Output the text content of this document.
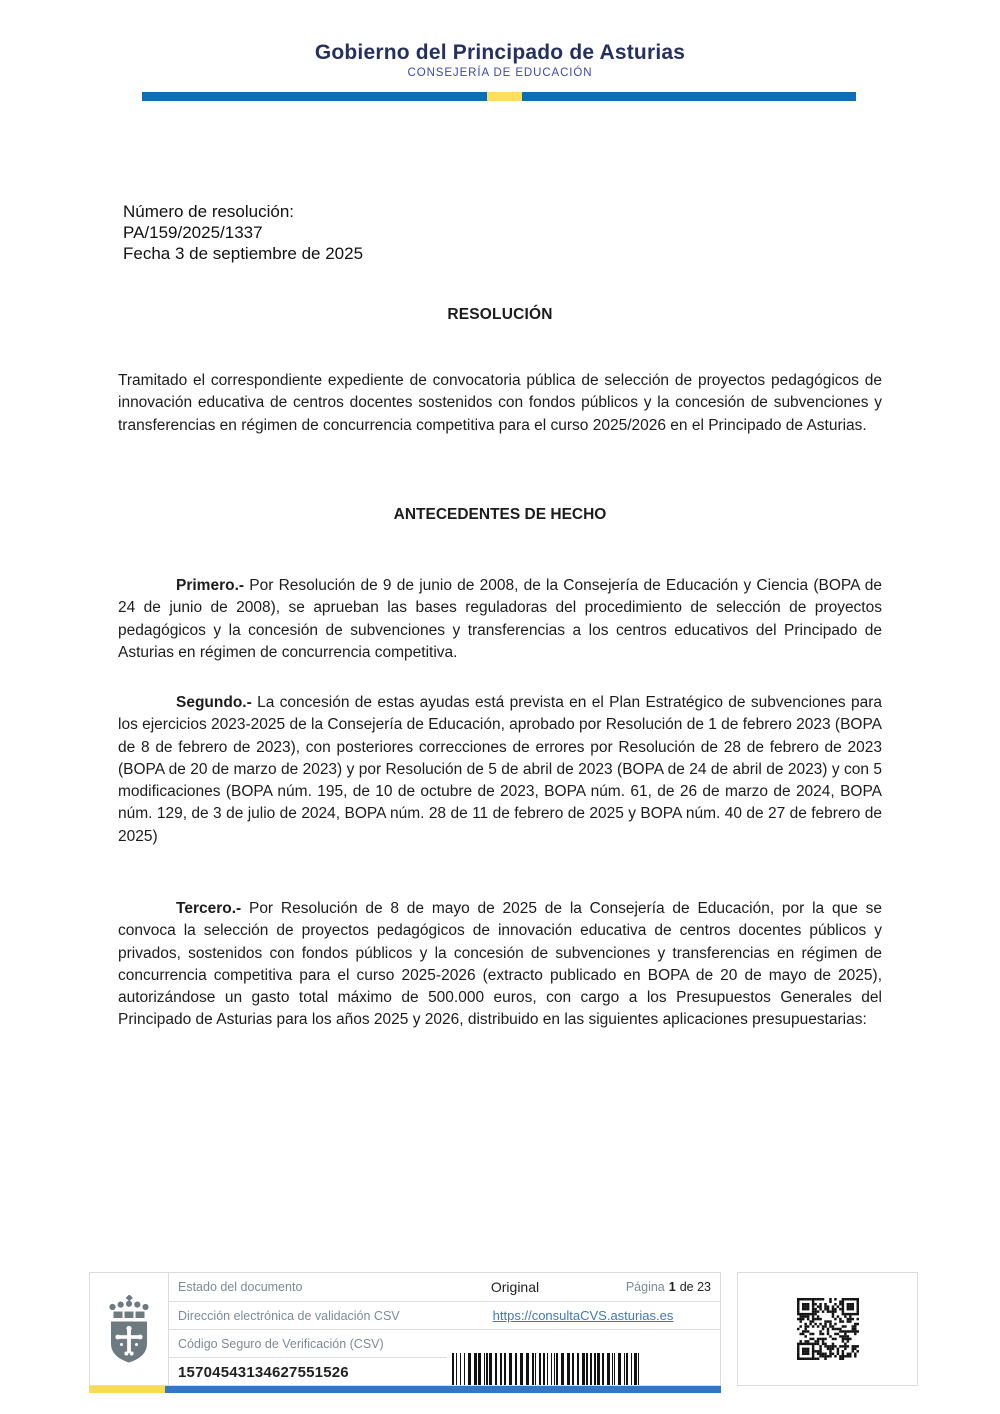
Gobierno del Principado de Asturias
CONSEJERÍA DE EDUCACIÓN
Número de resolución:
PA/159/2025/1337
Fecha 3 de septiembre de 2025
RESOLUCIÓN

Tramitado el correspondiente expediente de convocatoria pública de selección de proyectos pedagógicos de innovación educativa de centros docentes sostenidos con fondos públicos y la concesión de subvenciones y transferencias en régimen de concurrencia competitiva para el curso 2025/2026 en el Principado de Asturias.

ANTECEDENTES DE HECHO

Primero.- Por Resolución de 9 de junio de 2008, de la Consejería de Educación y Ciencia (BOPA de 24 de junio de 2008), se aprueban las bases reguladoras del procedimiento de selección de proyectos pedagógicos y la concesión de subvenciones y transferencias a los centros educativos del Principado de Asturias en régimen de concurrencia competitiva.

Segundo.- La concesión de estas ayudas está prevista en el Plan Estratégico de subvenciones para los ejercicios 2023-2025 de la Consejería de Educación, aprobado por Resolución de 1 de febrero 2023 (BOPA de 8 de febrero de 2023), con posteriores correcciones de errores por Resolución de 28 de febrero de 2023 (BOPA de 20 de marzo de 2023) y por Resolución de 5 de abril de 2023 (BOPA de 24 de abril de 2023) y con 5 modificaciones (BOPA núm. 195, de 10 de octubre de 2023, BOPA núm. 61, de 26 de marzo de 2024, BOPA núm. 129, de 3 de julio de 2024, BOPA núm. 28 de 11 de febrero de 2025 y BOPA núm. 40 de 27 de febrero de 2025)

Tercero.- Por Resolución de 8 de mayo de 2025 de la Consejería de Educación, por la que se convoca la selección de proyectos pedagógicos de innovación educativa de centros docentes públicos y privados, sostenidos con fondos públicos y la concesión de subvenciones y transferencias en régimen de concurrencia competitiva para el curso 2025-2026 (extracto publicado en BOPA de 20 de mayo de 2025), autorizándose un gasto total máximo de 500.000 euros, con cargo a los Presupuestos Generales del Principado de Asturias para los años 2025 y 2026, distribuido en las siguientes aplicaciones presupuestarias:

Estado del documento	Original	Página 1 de 23
Dirección electrónica de validación CSV	https://consultaCVS.asturias.es
Código Seguro de Verificación (CSV)
15704543134627551526
